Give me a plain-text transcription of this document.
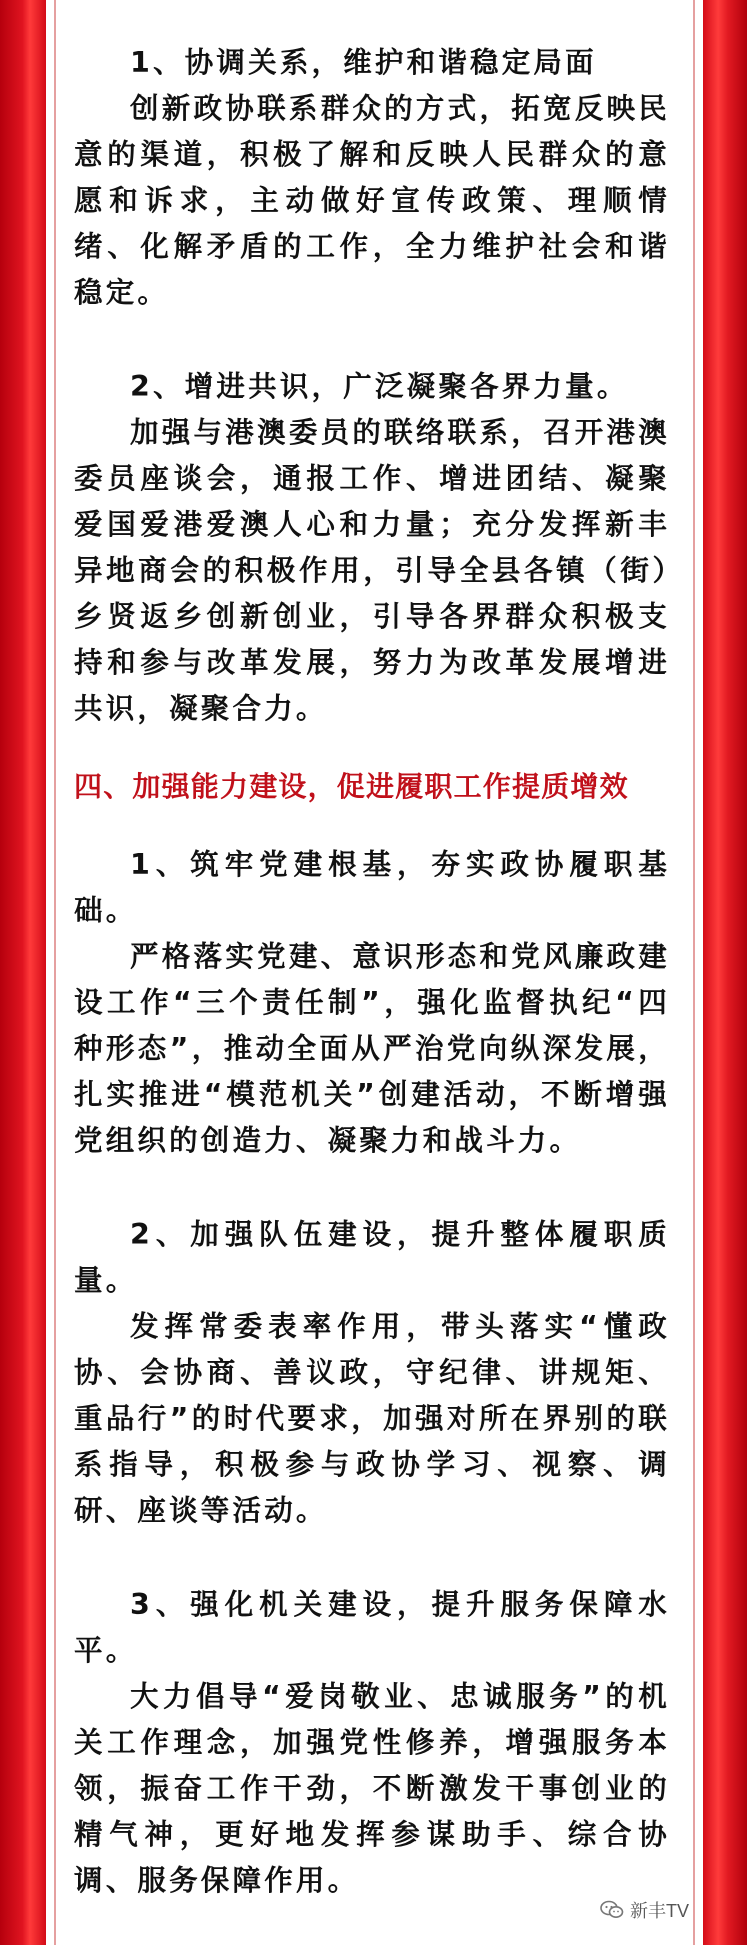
1、协调关系，维护和谐稳定局面

创新政协联系群众的方式，拓宽反映民意的渠道，积极了解和反映人民群众的意愿和诉求，主动做好宣传政策、理顺情绪、化解矛盾的工作，全力维护社会和谐稳定。

2、增进共识，广泛凝聚各界力量。

加强与港澳委员的联络联系，召开港澳委员座谈会，通报工作、增进团结、凝聚爱国爱港爱澳人心和力量；充分发挥新丰异地商会的积极作用，引导全县各镇（街）乡贤返乡创新创业，引导各界群众积极支持和参与改革发展，努力为改革发展增进共识，凝聚合力。

四、加强能力建设，促进履职工作提质增效

1、筑牢党建根基，夯实政协履职基础。

严格落实党建、意识形态和党风廉政建设工作“三个责任制”，强化监督执纪“四种形态”，推动全面从严治党向纵深发展，扎实推进“模范机关”创建活动，不断增强党组织的创造力、凝聚力和战斗力。

2、加强队伍建设，提升整体履职质量。

发挥常委表率作用，带头落实“懂政协、会协商、善议政，守纪律、讲规矩、重品行”的时代要求，加强对所在界别的联系指导，积极参与政协学习、视察、调研、座谈等活动。

3、强化机关建设，提升服务保障水平。

大力倡导“爱岗敬业、忠诚服务”的机关工作理念，加强党性修养，增强服务本领，振奋工作干劲，不断激发干事创业的精气神，更好地发挥参谋助手、综合协调、服务保障作用。

新丰TV
